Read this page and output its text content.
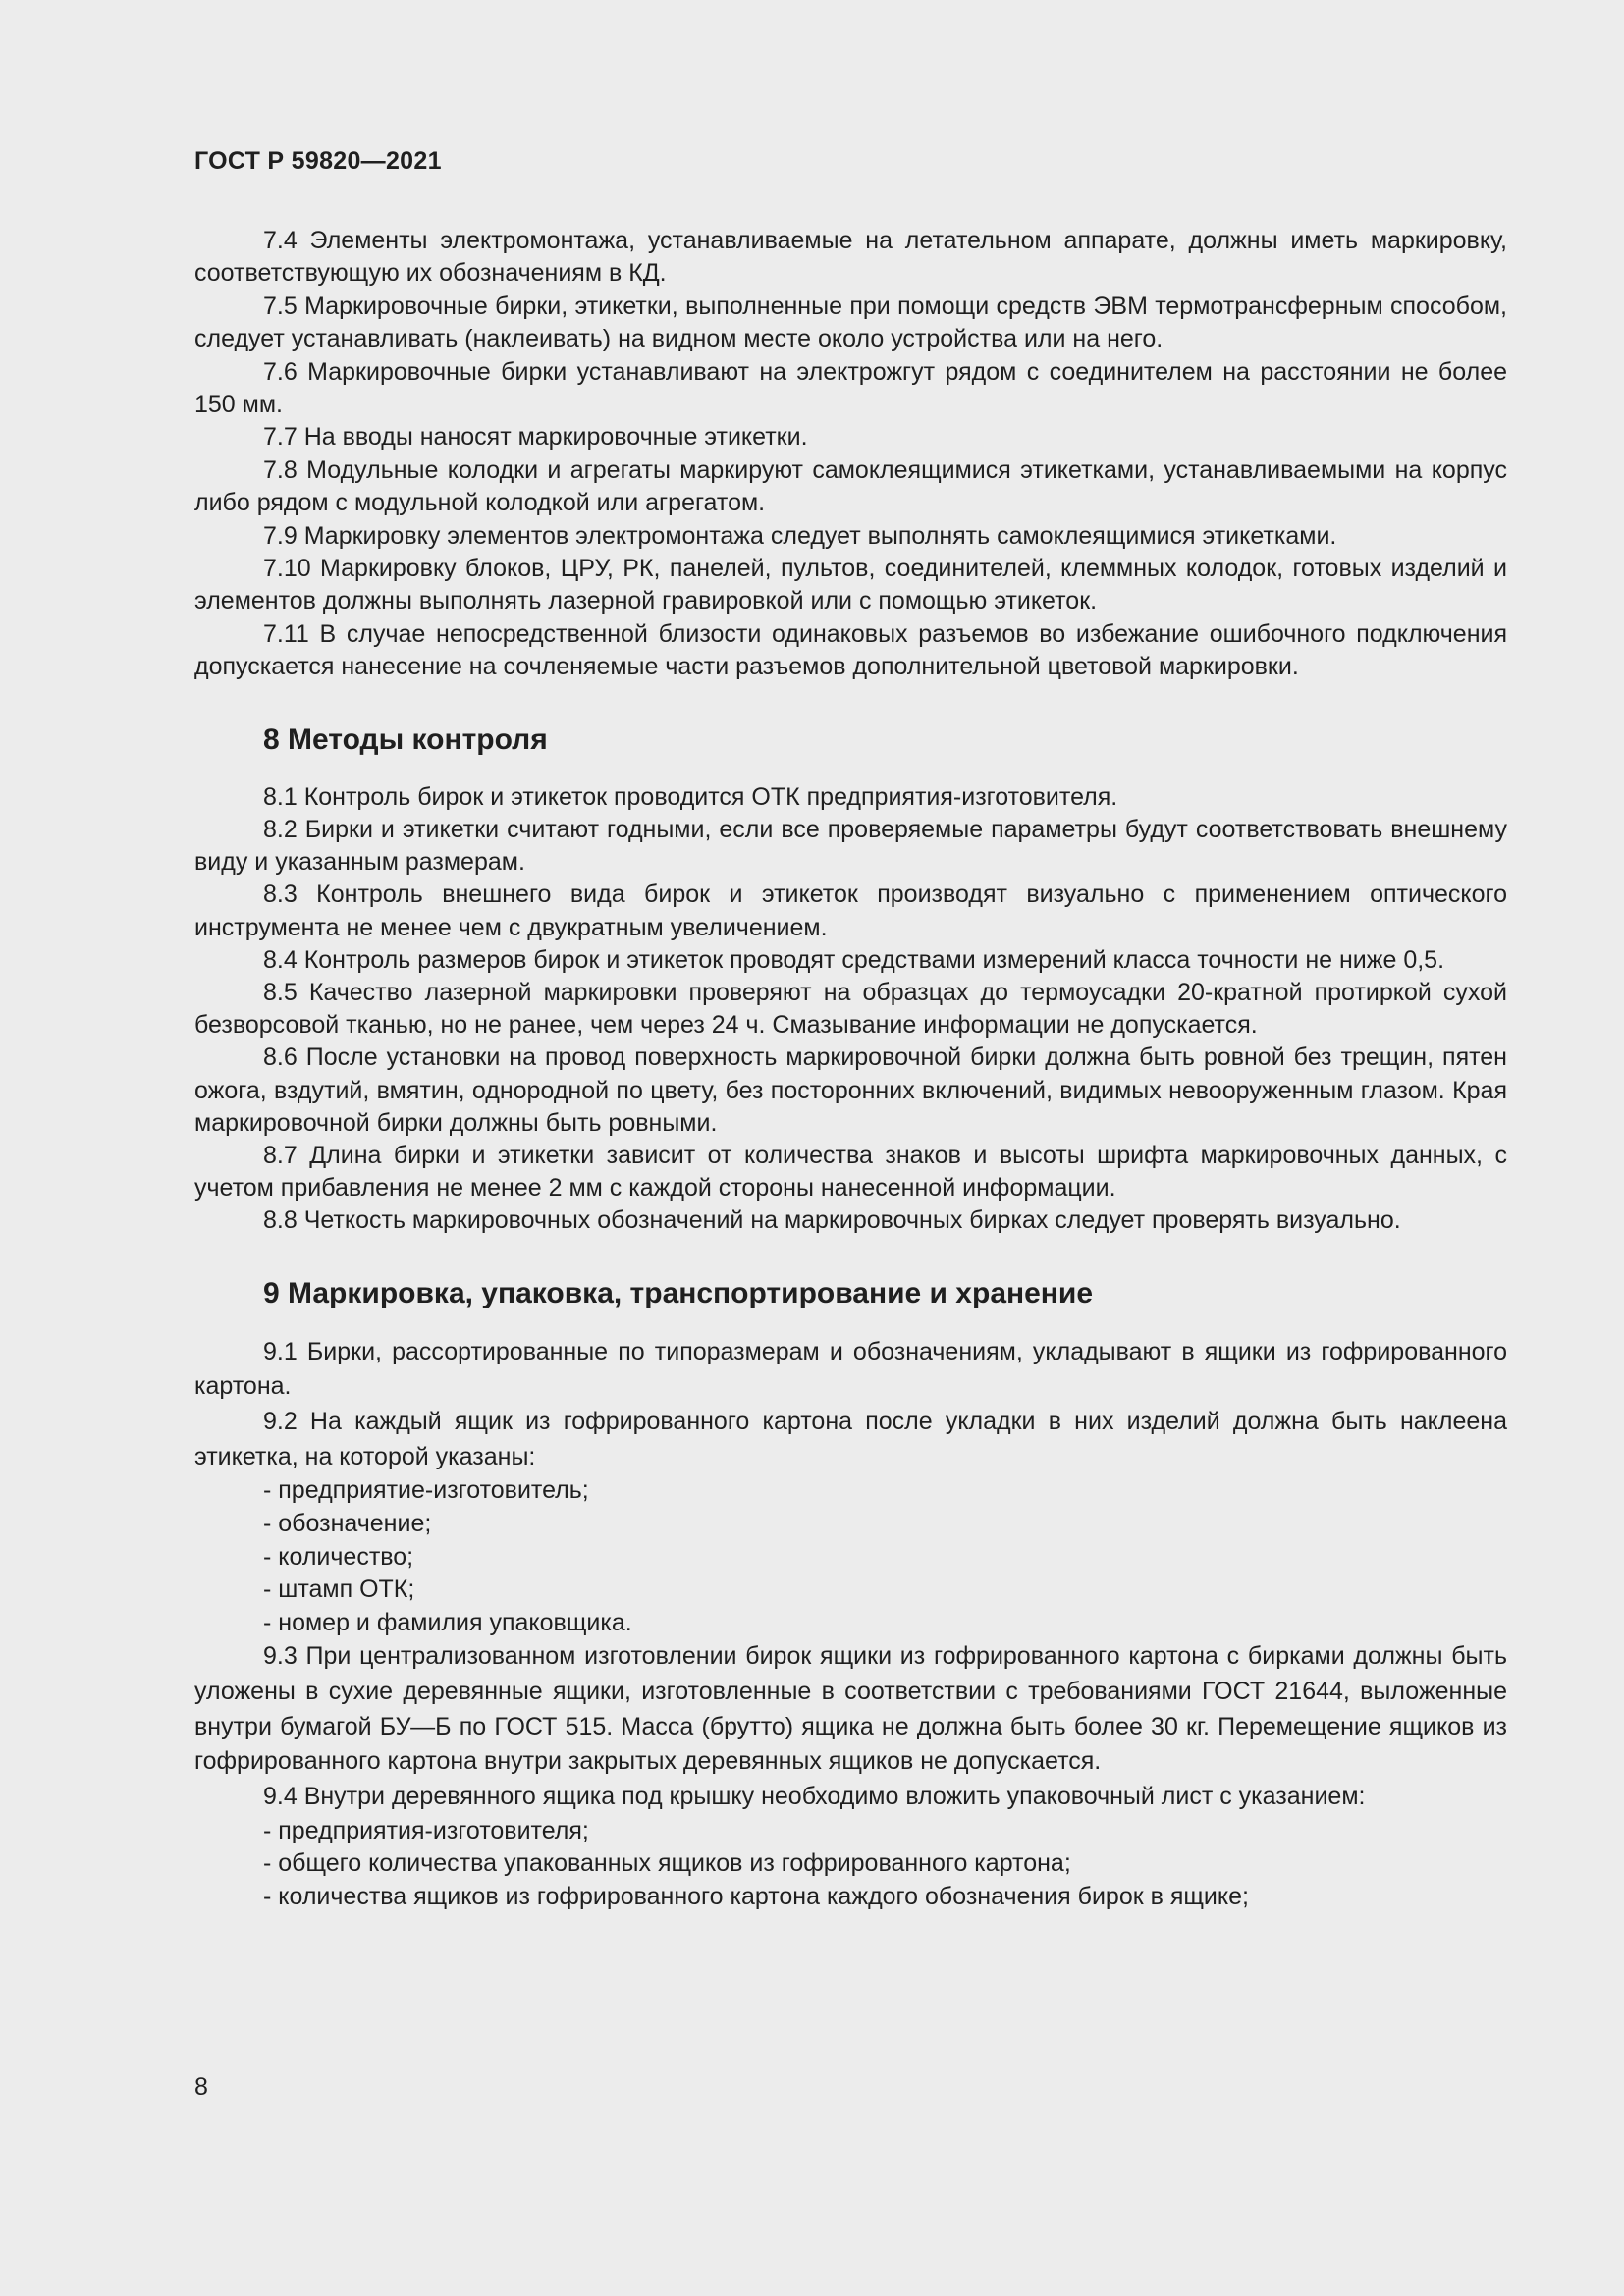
ГОСТ Р 59820—2021

7.4 Элементы электромонтажа, устанавливаемые на летательном аппарате, должны иметь маркировку, соответствующую их обозначениям в КД.

7.5 Маркировочные бирки, этикетки, выполненные при помощи средств ЭВМ термотрансферным способом, следует устанавливать (наклеивать) на видном месте около устройства или на него.

7.6 Маркировочные бирки устанавливают на электрожгут рядом с соединителем на расстоянии не более 150 мм.

7.7 На вводы наносят маркировочные этикетки.

7.8 Модульные колодки и агрегаты маркируют самоклеящимися этикетками, устанавливаемыми на корпус либо рядом с модульной колодкой или агрегатом.

7.9 Маркировку элементов электромонтажа следует выполнять самоклеящимися этикетками.

7.10 Маркировку блоков, ЦРУ, РК, панелей, пультов, соединителей, клеммных колодок, готовых изделий и элементов должны выполнять лазерной гравировкой или с помощью этикеток.

7.11 В случае непосредственной близости одинаковых разъемов во избежание ошибочного подключения допускается нанесение на сочленяемые части разъемов дополнительной цветовой маркировки.

8 Методы контроля

8.1 Контроль бирок и этикеток проводится ОТК предприятия-изготовителя.

8.2 Бирки и этикетки считают годными, если все проверяемые параметры будут соответствовать внешнему виду и указанным размерам.

8.3 Контроль внешнего вида бирок и этикеток производят визуально с применением оптического инструмента не менее чем с двукратным увеличением.

8.4 Контроль размеров бирок и этикеток проводят средствами измерений класса точности не ниже 0,5.

8.5 Качество лазерной маркировки проверяют на образцах до термоусадки 20-кратной протиркой сухой безворсовой тканью, но не ранее, чем через 24 ч. Смазывание информации не допускается.

8.6 После установки на провод поверхность маркировочной бирки должна быть ровной без трещин, пятен ожога, вздутий, вмятин, однородной по цвету, без посторонних включений, видимых невооруженным глазом. Края маркировочной бирки должны быть ровными.

8.7 Длина бирки и этикетки зависит от количества знаков и высоты шрифта маркировочных данных, с учетом прибавления не менее 2 мм с каждой стороны нанесенной информации.

8.8 Четкость маркировочных обозначений на маркировочных бирках следует проверять визуально.

9 Маркировка, упаковка, транспортирование и хранение

9.1 Бирки, рассортированные по типоразмерам и обозначениям, укладывают в ящики из гофрированного картона.

9.2 На каждый ящик из гофрированного картона после укладки в них изделий должна быть наклеена этикетка, на которой указаны:

- предприятие-изготовитель;

- обозначение;

- количество;

- штамп ОТК;

- номер и фамилия упаковщика.

9.3 При централизованном изготовлении бирок ящики из гофрированного картона с бирками должны быть уложены в сухие деревянные ящики, изготовленные в соответствии с требованиями ГОСТ 21644, выложенные внутри бумагой БУ—Б по ГОСТ 515. Масса (брутто) ящика не должна быть более 30 кг. Перемещение ящиков из гофрированного картона внутри закрытых деревянных ящиков не допускается.

9.4 Внутри деревянного ящика под крышку необходимо вложить упаковочный лист с указанием:

- предприятия-изготовителя;

- общего количества упакованных ящиков из гофрированного картона;

- количества ящиков из гофрированного картона каждого обозначения бирок в ящике;

8
